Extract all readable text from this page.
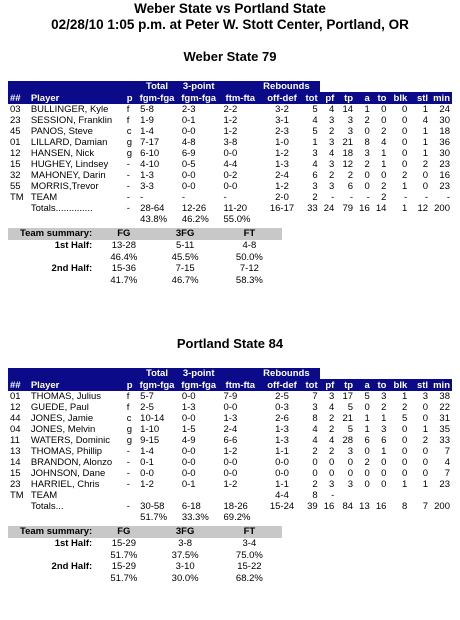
Weber State vs Portland State
02/28/10 1:05 p.m. at Peter W. Stott Center, Portland, OR
Weber State 79
			Total	3-point		Rebounds								
##	Player	p	fgm-fga	fgm-fga	ftm-fta	off-def	tot	pf	tp	a	to	blk	stl	min
03	BULLINGER, Kyle	f	5-8	2-3	2-2	3-2	5	4	14	1	0	0	1	24
23	SESSION, Franklin	f	1-9	0-1	1-2	3-1	4	3	3	2	0	0	4	30
45	PANOS, Steve	c	1-4	0-0	1-2	2-3	5	2	3	0	2	0	1	18
01	LILLARD, Damian	g	7-17	4-8	3-8	1-0	1	3	21	8	4	0	1	36
12	HANSEN, Nick	g	6-10	6-9	0-0	1-2	3	4	18	3	1	0	1	30
15	HUGHEY, Lindsey	-	4-10	0-5	4-4	1-3	4	3	12	2	1	0	2	23
32	MAHONEY, Darin	-	1-3	0-0	0-2	2-4	6	2	2	0	0	2	0	16
55	MORRIS,Trevor	-	3-3	0-0	0-0	1-2	3	3	6	0	2	1	0	23
TM	TEAM	-	-	-	-	2-0	2	-	-	-	2	-	-	-
	Totals..............	-	28-64	12-26	11-20	16-17	33	24	79	16	14	1	12	200
			43.8%	46.2%	55.0%									
Team summary:	FG	3FG	FT
1st Half:	13-28	5-11	4-8
	46.4%	45.5%	50.0%
2nd Half:	15-36	7-15	7-12
	41.7%	46.7%	58.3%
Portland State 84
			Total	3-point		Rebounds								
##	Player	p	fgm-fga	fgm-fga	ftm-fta	off-def	tot	pf	tp	a	to	blk	stl	min
01	THOMAS, Julius	f	5-7	0-0	7-9	2-5	7	3	17	5	3	1	3	38
12	GUEDE, Paul	f	2-5	1-3	0-0	0-3	3	4	5	0	2	2	0	22
44	JONES, Jamie	c	10-14	0-0	1-3	2-6	8	2	21	1	1	5	0	31
04	JONES, Melvin	g	1-10	1-5	2-4	1-3	4	2	5	1	3	0	1	35
11	WATERS, Dominic	g	9-15	4-9	6-6	1-3	4	4	28	6	6	0	2	33
13	THOMAS, Phillip	-	1-4	0-0	1-2	1-1	2	2	3	0	1	0	0	7
14	BRANDON, Alonzo	-	0-1	0-0	0-0	0-0	0	0	0	2	0	0	0	4
15	JOHNSON, Dane	-	0-0	0-0	0-0	0-0	0	0	0	0	0	0	0	7
23	HARRIEL, Chris	-	1-2	0-1	1-2	1-1	2	3	3	0	0	1	1	23
TM	TEAM					4-4	8	-						
	Totals...	-	30-58	6-18	18-26	15-24	39	16	84	13	16	8	7	200
			51.7%	33.3%	69.2%									
Team summary:	FG	3FG	FT
1st Half:	15-29	3-8	3-4
	51.7%	37.5%	75.0%
2nd Half:	15-29	3-10	15-22
	51.7%	30.0%	68.2%
